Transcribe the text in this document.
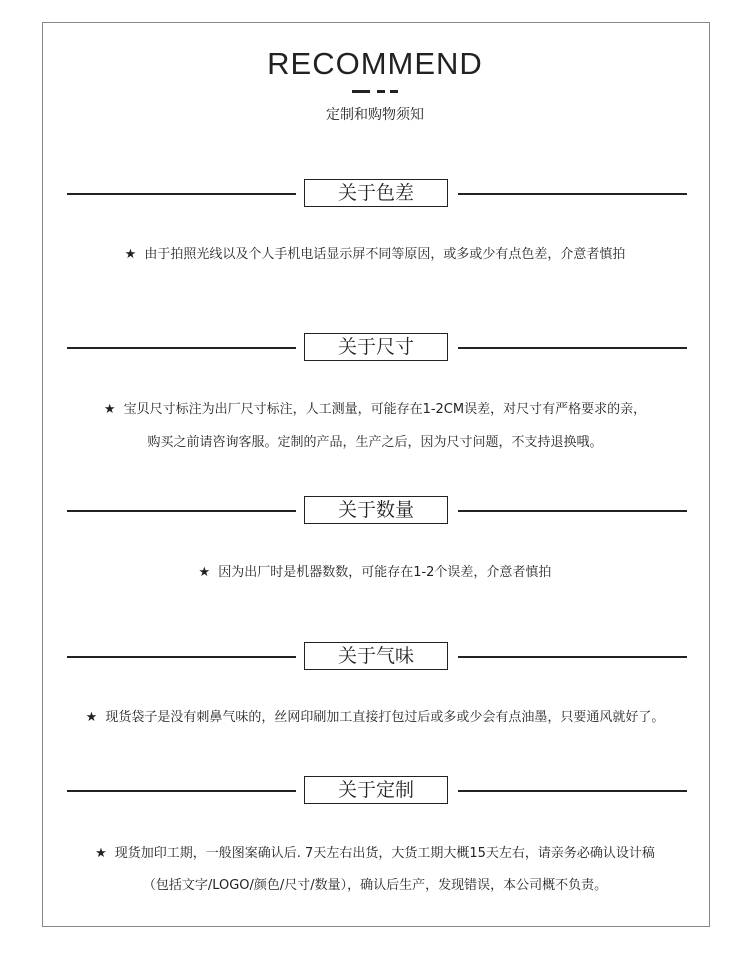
RECOMMEND
定制和购物须知
关于色差
★ 由于拍照光线以及个人手机电话显示屏不同等原因，或多或少有点色差，介意者慎拍
关于尺寸
★ 宝贝尺寸标注为出厂尺寸标注，人工测量，可能存在1-2CM误差，对尺寸有严格要求的亲，
购买之前请咨询客服。定制的产品，生产之后，因为尺寸问题，不支持退换哦。
关于数量
★ 因为出厂时是机器数数，可能存在1-2个误差，介意者慎拍
关于气味
★ 现货袋子是没有刺鼻气味的，丝网印刷加工直接打包过后或多或少会有点油墨，只要通风就好了。
关于定制
★ 现货加印工期，一般图案确认后. 7天左右出货，大货工期大概15天左右，请亲务必确认设计稿
（包括文字/LOGO/颜色/尺寸/数量），确认后生产，发现错误，本公司概不负责。
